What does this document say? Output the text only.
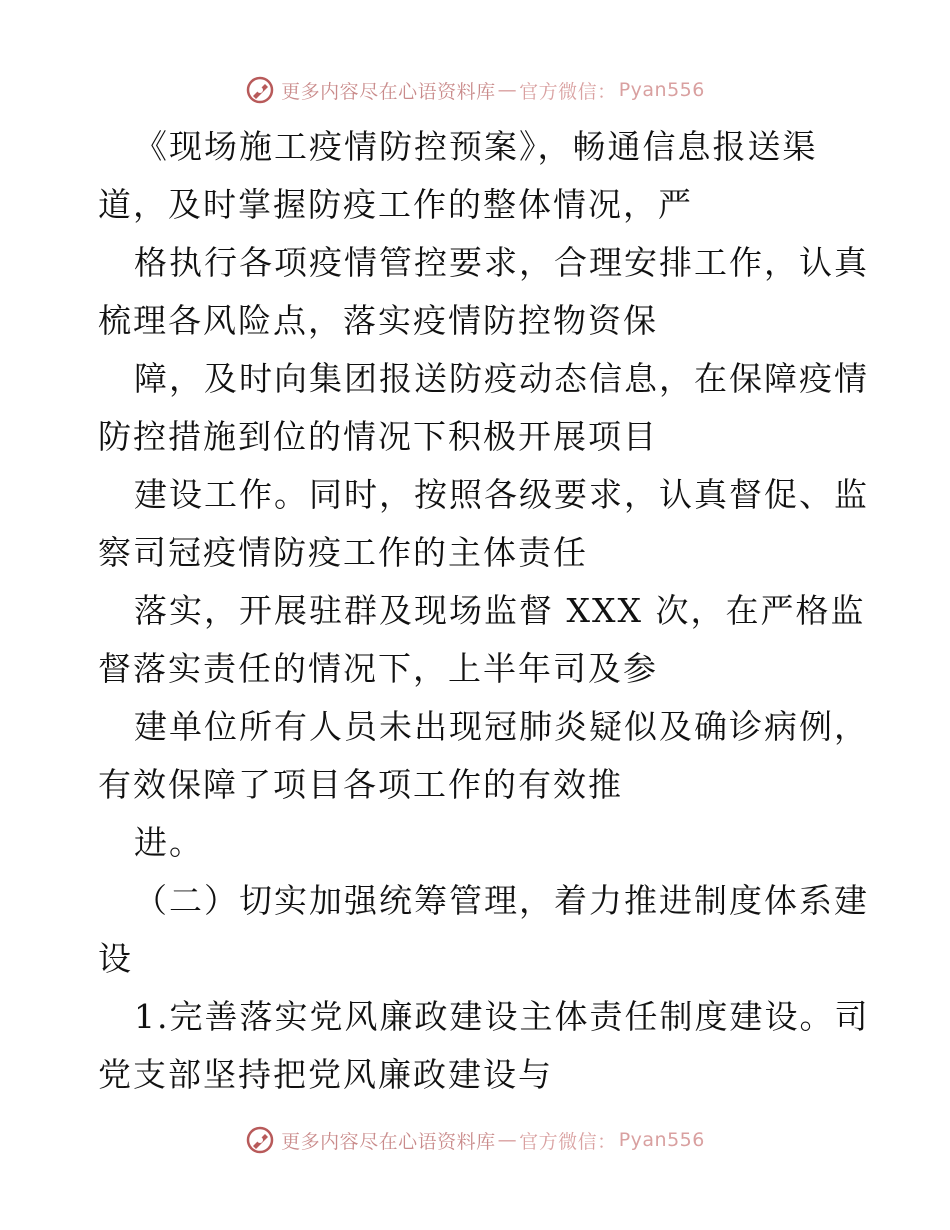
更多内容尽在心语资料库 — 官方微信： Pyan556
《现场施工疫情防控预案》，畅通信息报送渠
道，及时掌握防疫工作的整体情况，严
格执行各项疫情管控要求，合理安排工作，认真
梳理各风险点，落实疫情防控物资保
障，及时向集团报送防疫动态信息，在保障疫情
防控措施到位的情况下积极开展项目
建设工作。同时，按照各级要求，认真督促、监
察司冠疫情防疫工作的主体责任
落实，开展驻群及现场监督 XXX 次，在严格监
督落实责任的情况下，上半年司及参
建单位所有人员未出现冠肺炎疑似及确诊病例，
有效保障了项目各项工作的有效推
进。
（二）切实加强统筹管理，着力推进制度体系建
设
1.完善落实党风廉政建设主体责任制度建设。司
党支部坚持把党风廉政建设与
更多内容尽在心语资料库 — 官方微信： Pyan556
